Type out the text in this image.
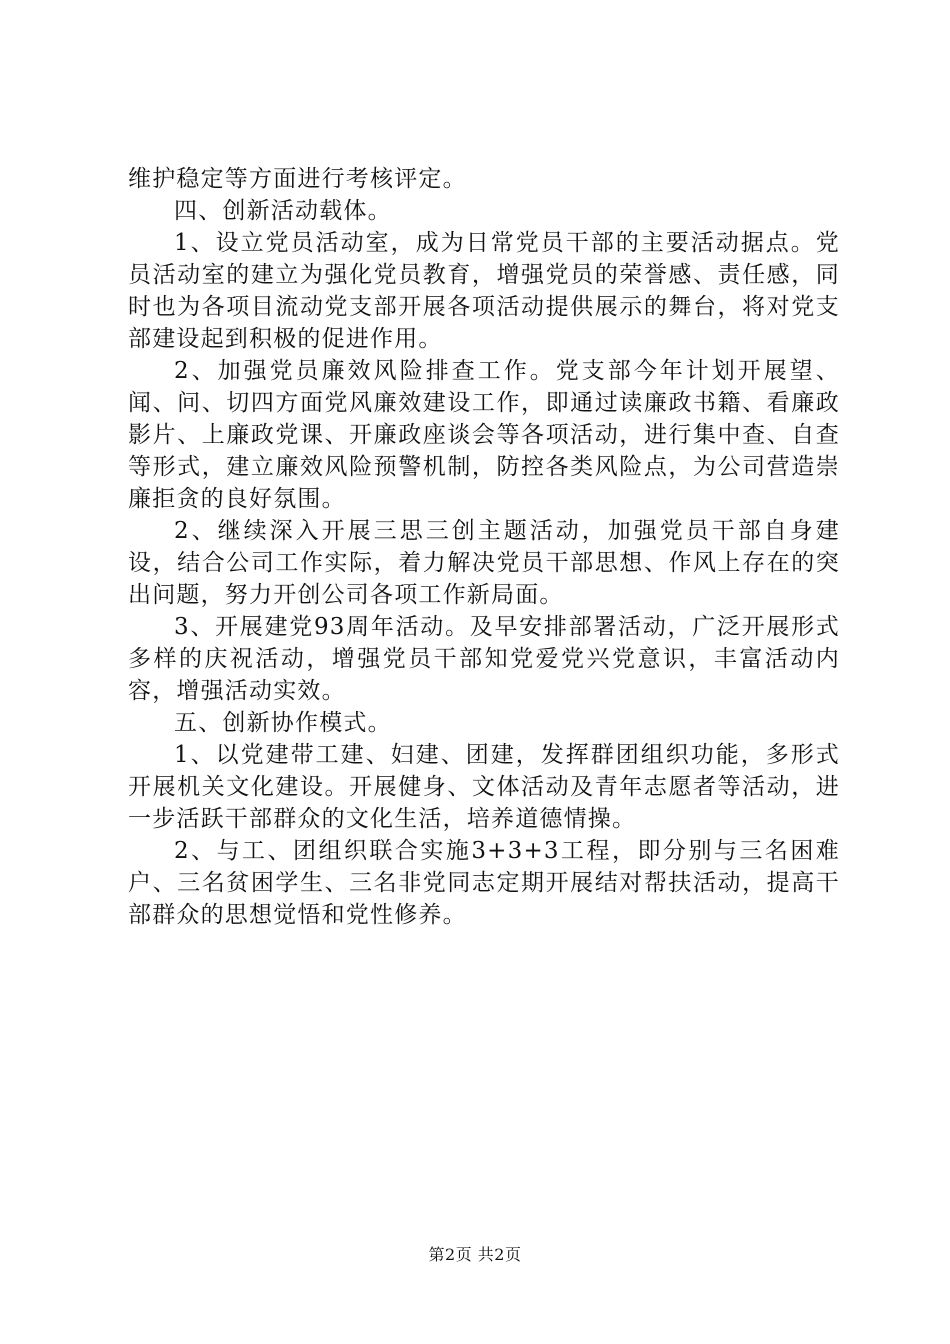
维护稳定等方面进行考核评定。

四、创新活动载体。

1、设立党员活动室，成为日常党员干部的主要活动据点。党员活动室的建立为强化党员教育，增强党员的荣誉感、责任感，同时也为各项目流动党支部开展各项活动提供展示的舞台，将对党支部建设起到积极的促进作用。

2、加强党员廉效风险排查工作。党支部今年计划开展望、闻、问、切四方面党风廉效建设工作，即通过读廉政书籍、看廉政影片、上廉政党课、开廉政座谈会等各项活动，进行集中查、自查等形式，建立廉效风险预警机制，防控各类风险点，为公司营造崇廉拒贪的良好氛围。

2、继续深入开展三思三创主题活动，加强党员干部自身建设，结合公司工作实际，着力解决党员干部思想、作风上存在的突出问题，努力开创公司各项工作新局面。

3、开展建党93周年活动。及早安排部署活动，广泛开展形式多样的庆祝活动，增强党员干部知党爱党兴党意识，丰富活动内容，增强活动实效。

五、创新协作模式。

1、以党建带工建、妇建、团建，发挥群团组织功能，多形式开展机关文化建设。开展健身、文体活动及青年志愿者等活动，进一步活跃干部群众的文化生活，培养道德情操。

2、与工、团组织联合实施3+3+3工程，即分别与三名困难户、三名贫困学生、三名非党同志定期开展结对帮扶活动，提高干部群众的思想觉悟和党性修养。

第2页 共2页
